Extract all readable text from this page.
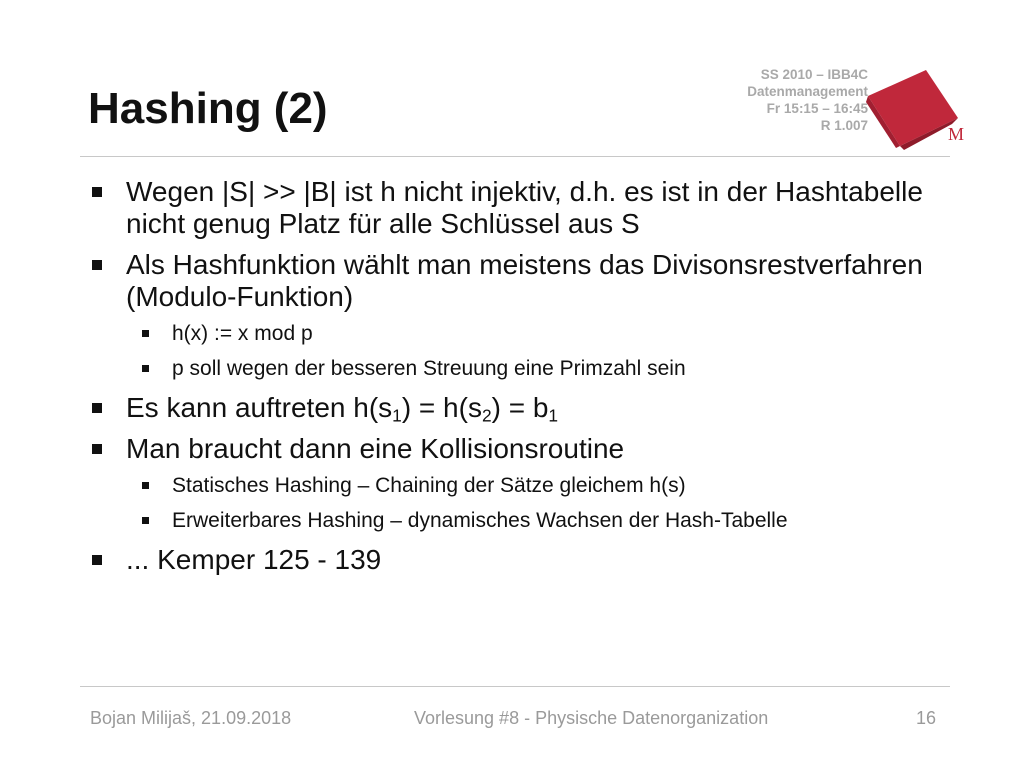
Hashing (2)
SS 2010 – IBB4C
Datenmanagement
Fr 15:15 – 16:45
R 1.007	M
Wegen |S| >> |B| ist h nicht injektiv, d.h. es ist in der Hashtabelle nicht genug Platz für alle Schlüssel aus S
Als Hashfunktion wählt man meistens das Divisonsrestverfahren (Modulo-Funktion)
h(x) := x mod p
p soll wegen der besseren Streuung eine Primzahl sein
Es kann auftreten $h(s_1) = h(s_2) = b_1$
Man braucht dann eine Kollisionsroutine
Statisches Hashing – Chaining der Sätze gleichem h(s)
Erweiterbares Hashing – dynamisches Wachsen der Hash-Tabelle
... Kemper 125 - 139
Bojan Milijaš, 21.09.2018	Vorlesung #8 - Physische Datenorganization	16
